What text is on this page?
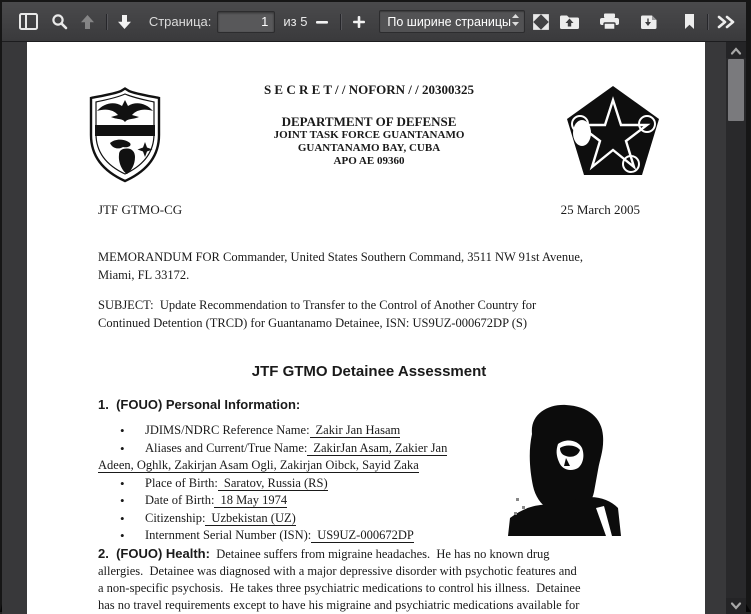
Страница:
1	из 5	По ширине страницы
S E C R E T / / NOFORN / / 20300325
DEPARTMENT OF DEFENSE
JOINT TASK FORCE GUANTANAMO
GUANTANAMO BAY, CUBA
APO AE 09360
JTF GTMO-CG	25 March 2005
MEMORANDUM FOR Commander, United States Southern Command, 3511 NW 91st Avenue,
Miami, FL 33172.
SUBJECT:  Update Recommendation to Transfer to the Control of Another Country for
Continued Detention (TRCD) for Guantanamo Detainee, ISN: US9UZ-000672DP (S)
JTF GTMO Detainee Assessment
1.  (FOUO) Personal Information:
• JDIMS/NDRC Reference Name: Zakir Jan Hasam
• Aliases and Current/True Name: ZakirJan Asam, Zakier Jan
Adeen, Oghlk, Zakirjan Asam Ogli, Zakirjan Oibck, Sayid Zaka
• Place of Birth: Saratov, Russia (RS)
• Date of Birth: 18 May 1974
• Citizenship: Uzbekistan (UZ)
• Internment Serial Number (ISN): US9UZ-000672DP
2.  (FOUO) Health:  Detainee suffers from migraine headaches.  He has no known drug
allergies.  Detainee was diagnosed with a major depressive disorder with psychotic features and
a non-specific psychosis.  He takes three psychiatric medications to control his illness.  Detainee
has no travel requirements except to have his migraine and psychiatric medications available for
